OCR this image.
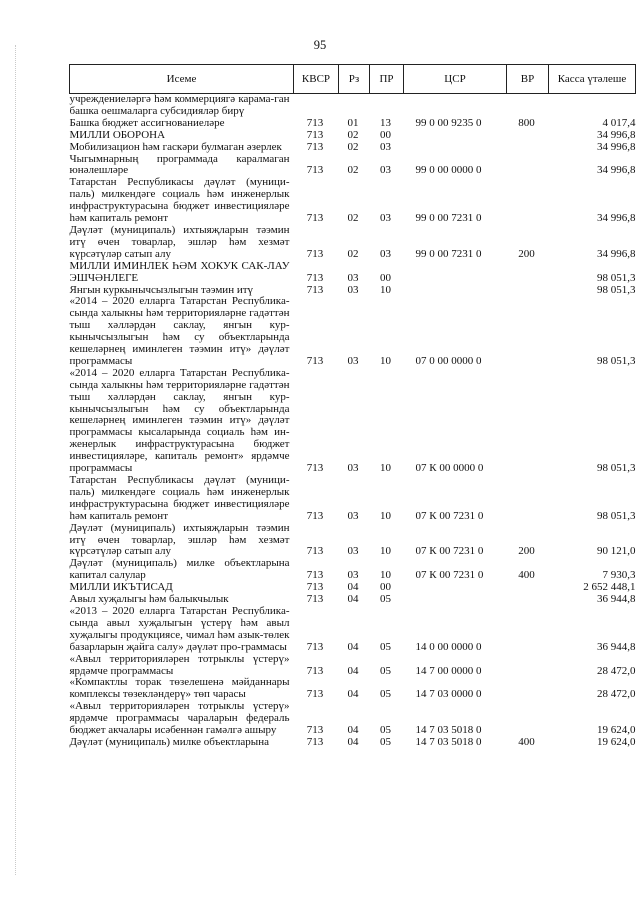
95
Исеме	КВСР	Рз	ПР	ЦСР	ВР	Касса үтәлеше
учреждениеләргә һәм коммерциягә карама-ган башка оешмаларга субсидияләр бирү						
Башка бюджет ассигнованиеләре	713	01	13	99 0 00 9235 0	800	4 017,4
МИЛЛИ ОБОРОНА	713	02	00			34 996,8
Мобилизацион һәм гаскәри булмаган әзерлек	713	02	03			34 996,8
Чыгымнарның программада каралмаган юнәлешләре	713	02	03	99 0 00 0000 0		34 996,8
Татарстан Республикасы дәүләт (муници-паль) милкендәге социаль һәм инженерлык инфраструктурасына бюджет инвестицияләре һәм капиталь ремонт	713	02	03	99 0 00 7231 0		34 996,8
Дәүләт (муниципаль) ихтыяҗларын тәэмин итү өчен товарлар, эшләр һәм хезмәт күрсәтүләр сатып алу	713	02	03	99 0 00 7231 0	200	34 996,8
МИЛЛИ ИМИНЛЕК ҺӘМ ХОКУК САК-ЛАУ ЭШЧӘНЛЕГЕ	713	03	00			98 051,3
Янгын куркынычсызлыгын тәэмин итү	713	03	10			98 051,3
«2014 – 2020 елларга Татарстан Республика-сында халыкны һәм территорияләрне гадәттән тыш хәлләрдән саклау, янгын кур-кынычсызлыгын һәм су объектларында кешеләрнең иминлеген тәэмин итү» дәүләт программасы	713	03	10	07 0 00 0000 0		98 051,3
«2014 – 2020 елларга Татарстан Республика-сында халыкны һәм территорияләрне гадәттән тыш хәлләрдән саклау, янгын кур-кынычсызлыгын һәм су объектларында кешеләрнең иминлеген тәэмин итү» дәүләт программасы кысаларында социаль һәм ин-женерлык инфраструктурасына бюджет инвестицияләре, капиталь ремонт» ярдәмче программасы	713	03	10	07 К 00 0000 0		98 051,3
Татарстан Республикасы дәүләт (муници-паль) милкендәге социаль һәм инженерлык инфраструктурасына бюджет инвестицияләре һәм капиталь ремонт	713	03	10	07 К 00 7231 0		98 051,3
Дәүләт (муниципаль) ихтыяҗларын тәэмин итү өчен товарлар, эшләр һәм хезмәт күрсәтүләр сатып алу	713	03	10	07 К 00 7231 0	200	90 121,0
Дәүләт (муниципаль) милке объектларына капитал салулар	713	03	10	07 К 00 7231 0	400	7 930,3
МИЛЛИ ИКЪТИСАД	713	04	00			2 652 448,1
Авыл хуҗалыгы һәм балыкчылык	713	04	05			36 944,8
«2013 – 2020 елларга Татарстан Республика-сында авыл хуҗалыгын үстерү һәм авыл хуҗалыгы продукциясе, чимал һәм азык-төлек базарларын җайга салу» дәүләт про-граммасы	713	04	05	14 0 00 0000 0		36 944,8
«Авыл территорияләрен тотрыклы үстерү» ярдәмче программасы	713	04	05	14 7 00 0000 0		28 472,0
«Компактлы торак төзелешенә мәйданнары комплексы төзекләндерү» төп чарасы	713	04	05	14 7 03 0000 0		28 472,0
«Авыл территорияләрен тотрыклы үстерү» ярдәмче программасы чараларын федераль бюджет акчалары исәбеннән гамәлгә ашыру	713	04	05	14 7 03 5018 0		19 624,0
Дәүләт (муниципаль) милке объектларына	713	04	05	14 7 03 5018 0	400	19 624,0
